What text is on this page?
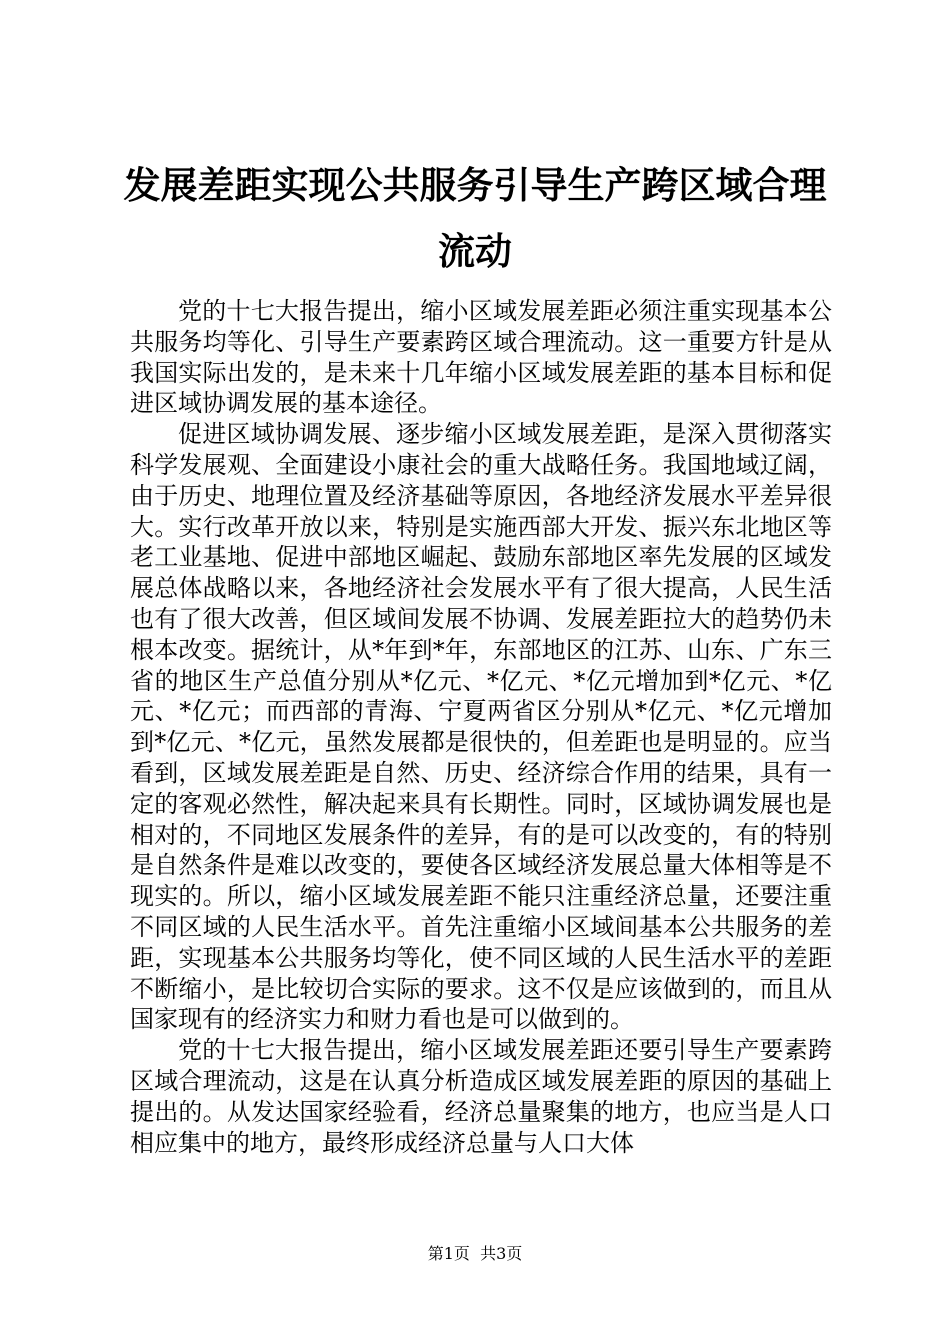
发展差距实现公共服务引导生产跨区域合理流动

党的十七大报告提出，缩小区域发展差距必须注重实现基本公共服务均等化、引导生产要素跨区域合理流动。这一重要方针是从我国实际出发的，是未来十几年缩小区域发展差距的基本目标和促进区域协调发展的基本途径。

促进区域协调发展、逐步缩小区域发展差距，是深入贯彻落实科学发展观、全面建设小康社会的重大战略任务。我国地域辽阔，由于历史、地理位置及经济基础等原因，各地经济发展水平差异很大。实行改革开放以来，特别是实施西部大开发、振兴东北地区等老工业基地、促进中部地区崛起、鼓励东部地区率先发展的区域发展总体战略以来，各地经济社会发展水平有了很大提高，人民生活也有了很大改善，但区域间发展不协调、发展差距拉大的趋势仍未根本改变。据统计，从*年到*年，东部地区的江苏、山东、广东三省的地区生产总值分别从*亿元、*亿元、*亿元增加到*亿元、*亿元、*亿元；而西部的青海、宁夏两省区分别从*亿元、*亿元增加到*亿元、*亿元，虽然发展都是很快的，但差距也是明显的。应当看到，区域发展差距是自然、历史、经济综合作用的结果，具有一定的客观必然性，解决起来具有长期性。同时，区域协调发展也是相对的，不同地区发展条件的差异，有的是可以改变的，有的特别是自然条件是难以改变的，要使各区域经济发展总量大体相等是不现实的。所以，缩小区域发展差距不能只注重经济总量，还要注重不同区域的人民生活水平。首先注重缩小区域间基本公共服务的差距，实现基本公共服务均等化，使不同区域的人民生活水平的差距不断缩小，是比较切合实际的要求。这不仅是应该做到的，而且从国家现有的经济实力和财力看也是可以做到的。

党的十七大报告提出，缩小区域发展差距还要引导生产要素跨区域合理流动，这是在认真分析造成区域发展差距的原因的基础上提出的。从发达国家经验看，经济总量聚集的地方，也应当是人口相应集中的地方，最终形成经济总量与人口大体

第1页  共3页
